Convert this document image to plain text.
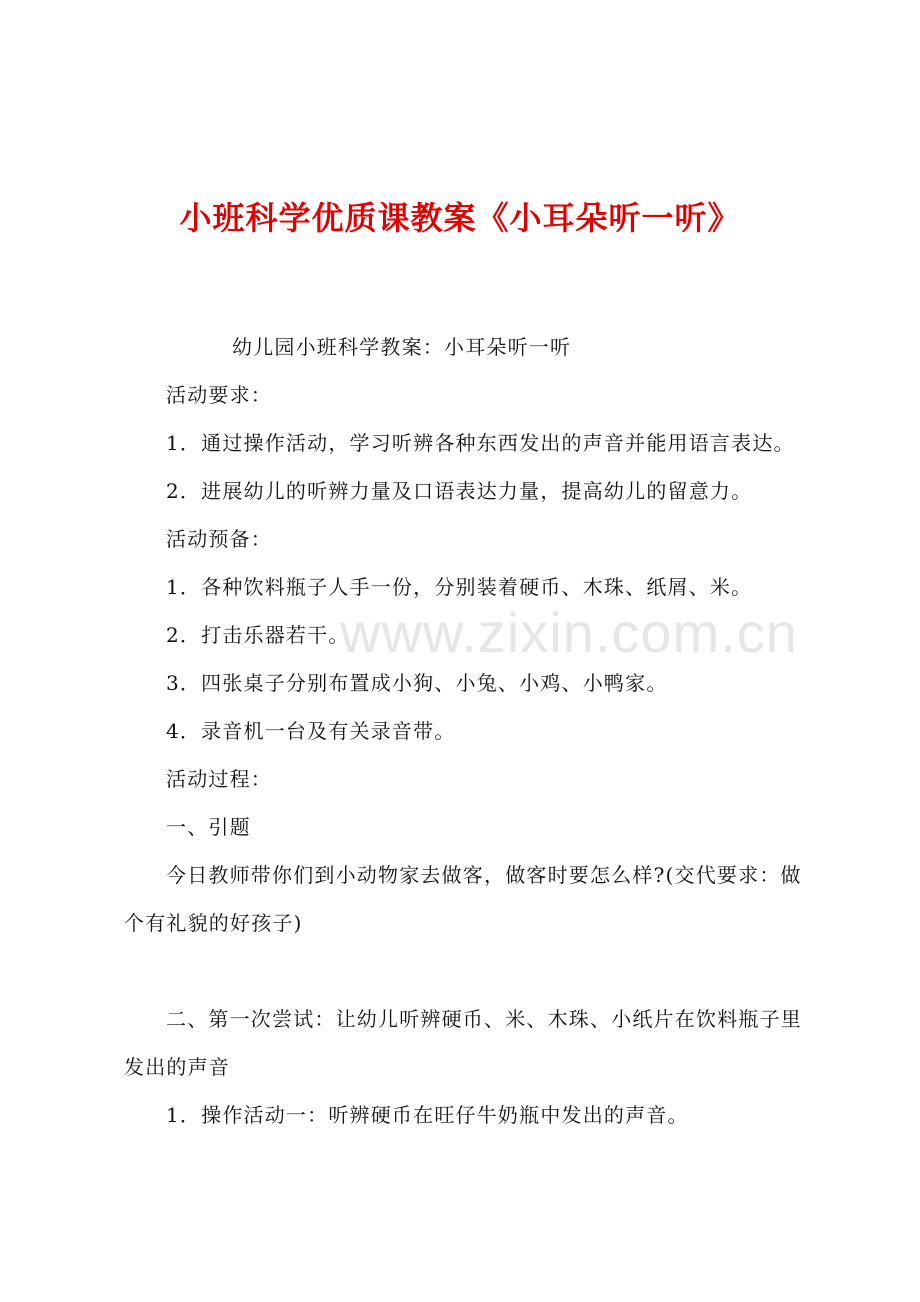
www.zixin.com.cn
小班科学优质课教案《小耳朵听一听》
幼儿园小班科学教案：小耳朵听一听
活动要求：
1．通过操作活动，学习听辨各种东西发出的声音并能用语言表达。
2．进展幼儿的听辨力量及口语表达力量，提高幼儿的留意力。
活动预备：
1．各种饮料瓶子人手一份，分别装着硬币、木珠、纸屑、米。
2．打击乐器若干。
3．四张桌子分别布置成小狗、小兔、小鸡、小鸭家。
4．录音机一台及有关录音带。
活动过程：
一、引题
今日教师带你们到小动物家去做客，做客时要怎么样?(交代要求：做
个有礼貌的好孩子)
二、第一次尝试：让幼儿听辨硬币、米、木珠、小纸片在饮料瓶子里
发出的声音
1．操作活动一：听辨硬币在旺仔牛奶瓶中发出的声音。
